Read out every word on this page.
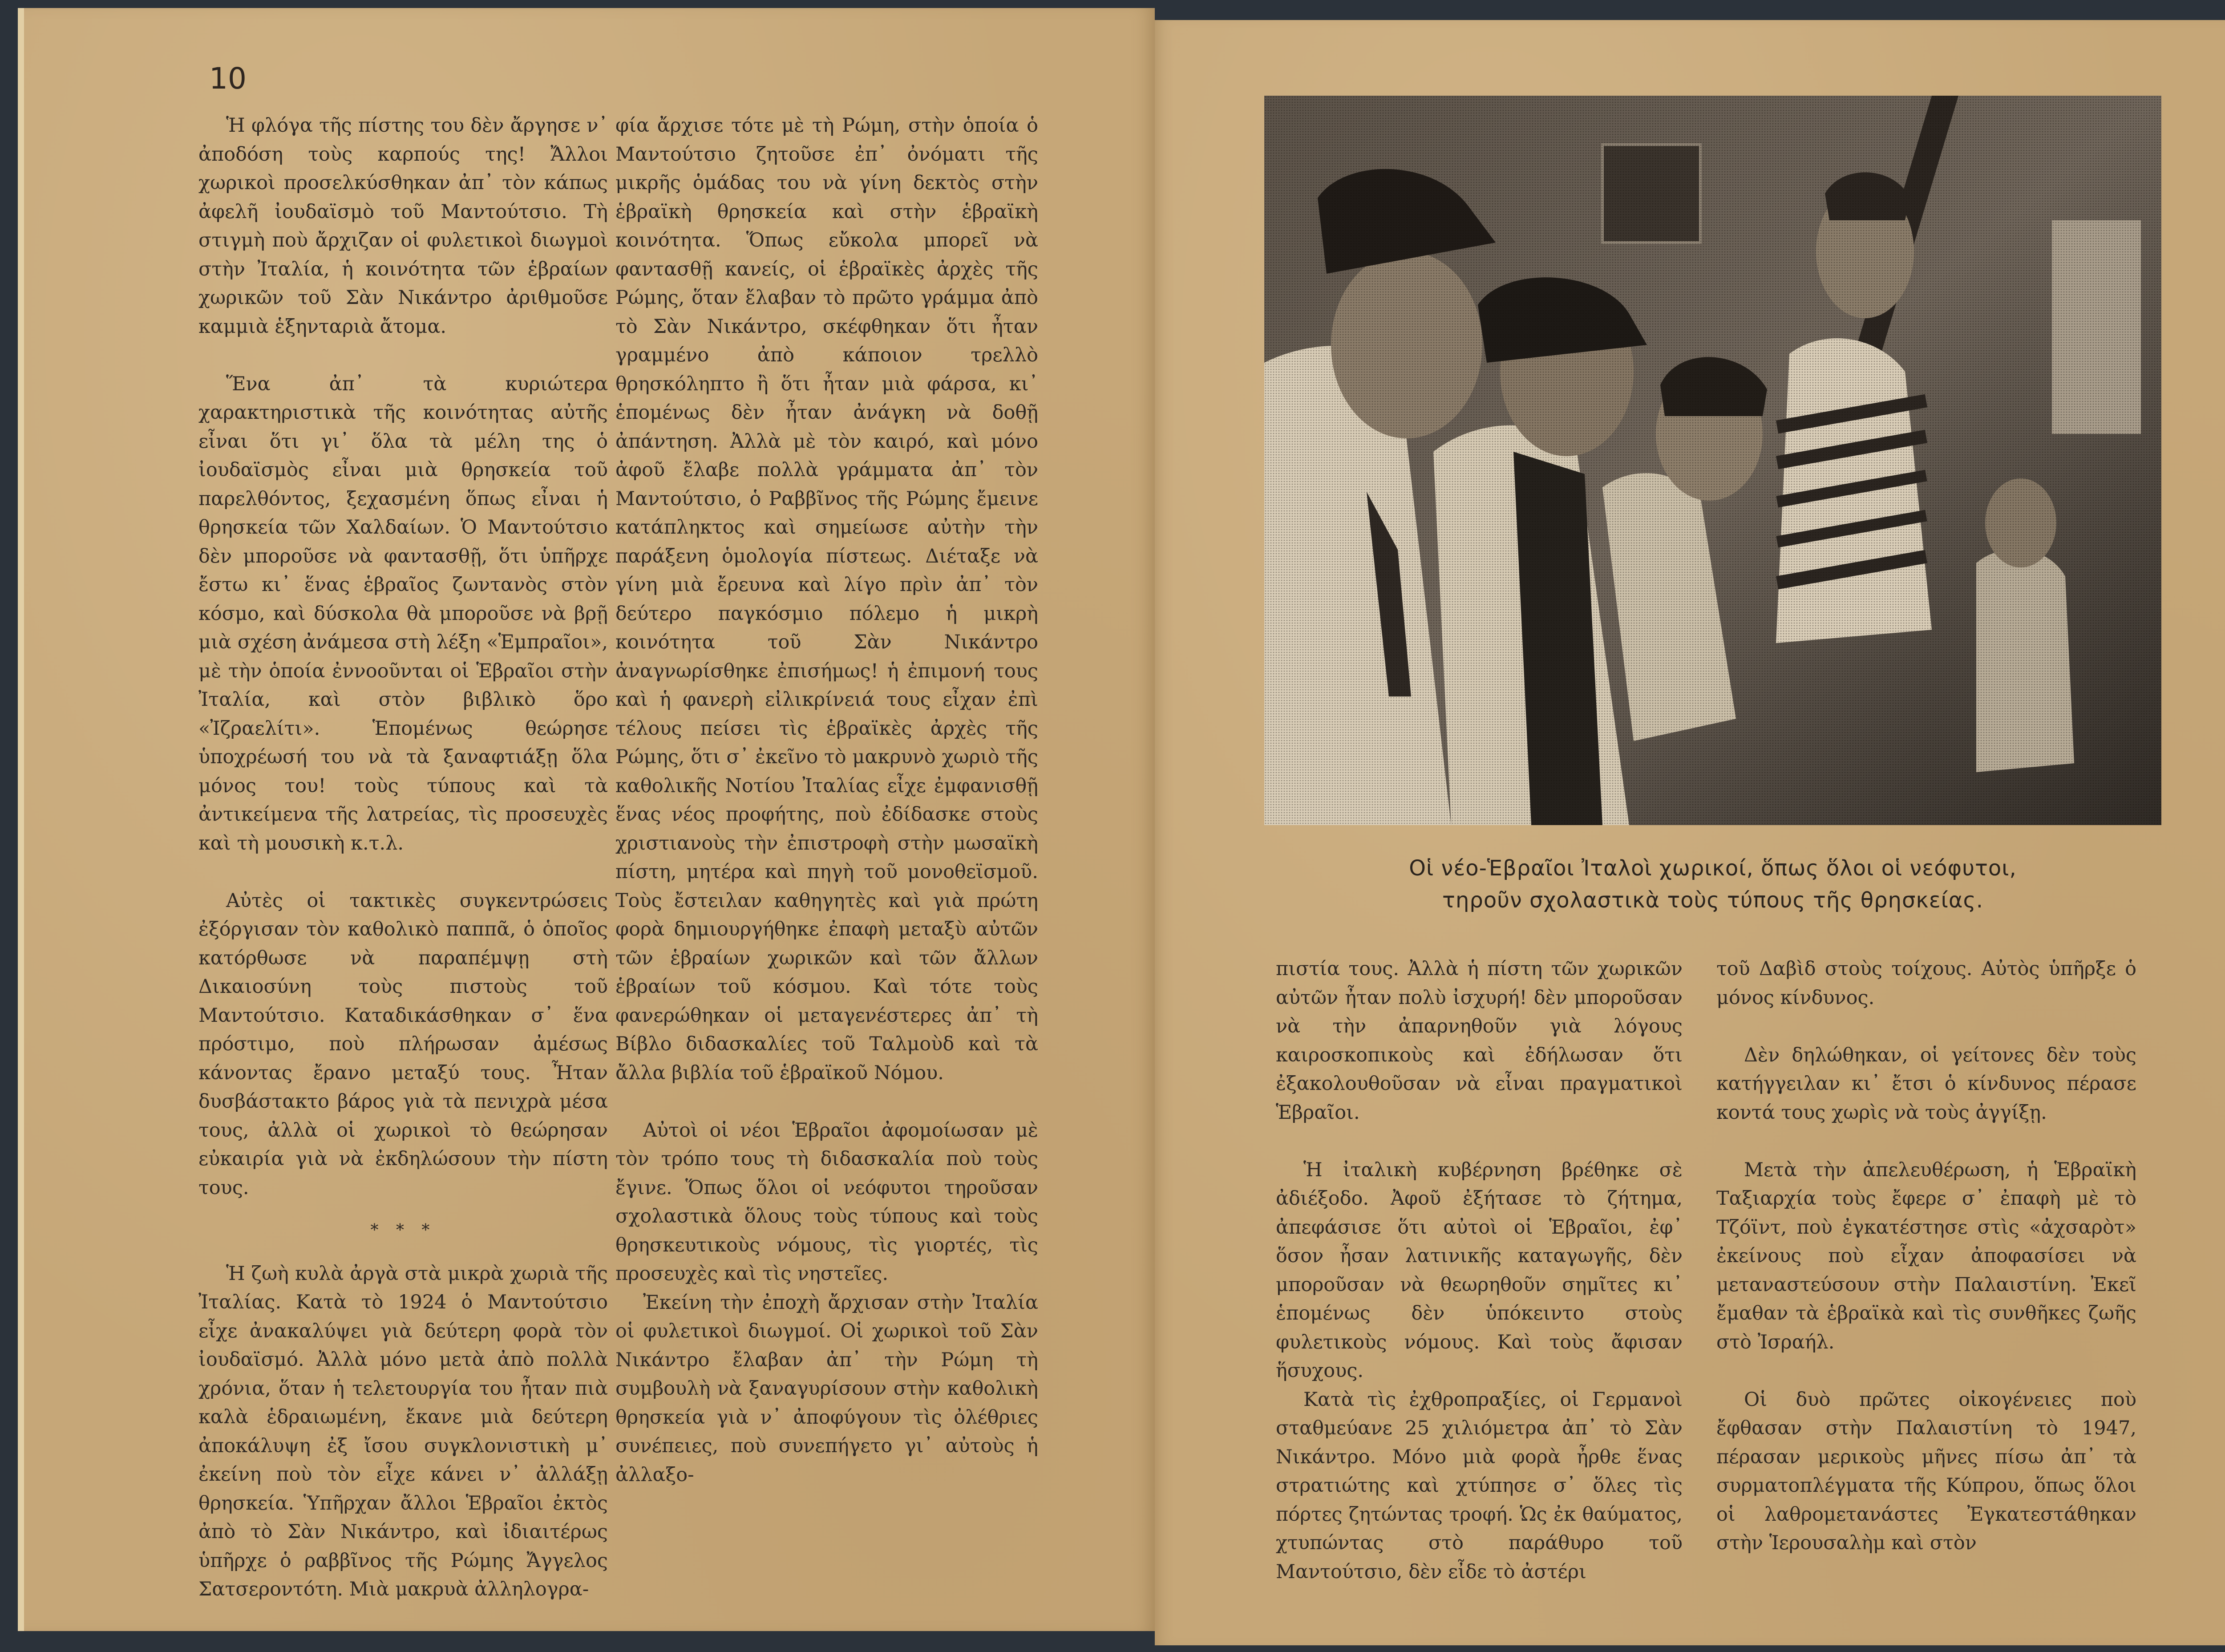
10

Ἡ φλόγα τῆς πίστης του δὲν ἄργησε ν᾽ ἀποδόση τοὺς καρπούς της! Ἄλλοι χωρικοὶ προσελκύσθηκαν ἀπ᾽ τὸν κάπως ἀφελῆ ἰουδαϊσμὸ τοῦ Μαντούτσιο. Τὴ στιγμὴ ποὺ ἄρχιζαν οἱ φυλετικοὶ διωγμοὶ στὴν Ἰταλία, ἡ κοινότητα τῶν ἑβραίων χωρικῶν τοῦ Σὰν Νικάντρο ἀριθμοῦσε καμμιὰ ἑξηνταριὰ ἄτομα.

Ἕνα ἀπ᾽ τὰ κυριώτερα χαρακτηριστικὰ τῆς κοινότητας αὐτῆς εἶναι ὅτι γι᾽ ὅλα τὰ μέλη της ὁ ἰουδαϊσμὸς εἶναι μιὰ θρησκεία τοῦ παρελθόντος, ξεχασμένη ὅπως εἶναι ἡ θρησκεία τῶν Χαλδαίων. Ὁ Μαντούτσιο δὲν μποροῦσε νὰ φαντασθῇ, ὅτι ὑπῆρχε ἔστω κι᾽ ἕνας ἑβραῖος ζωντανὸς στὸν κόσμο, καὶ δύσκολα θὰ μποροῦσε νὰ βρῇ μιὰ σχέση ἀνάμεσα στὴ λέξη «Ἑμπραῖοι», μὲ τὴν ὁποία ἐννοοῦνται οἱ Ἑβραῖοι στὴν Ἰταλία, καὶ στὸν βιβλικὸ ὅρο «Ἰζραελίτι». Ἑπομένως θεώρησε ὑποχρέωσή του νὰ τὰ ξαναφτιάξῃ ὅλα μόνος του! τοὺς τύπους καὶ τὰ ἀντικείμενα τῆς λατρείας, τὶς προσευχὲς καὶ τὴ μουσικὴ κ.τ.λ.

Αὐτὲς οἱ τακτικὲς συγκεντρώσεις ἐξόργισαν τὸν καθολικὸ παππᾶ, ὁ ὁποῖος κατόρθωσε νὰ παραπέμψῃ στὴ Δικαιοσύνη τοὺς πιστοὺς τοῦ Μαντούτσιο. Καταδικάσθηκαν σ᾽ ἕνα πρόστιμο, ποὺ πλήρωσαν ἀμέσως κάνοντας ἔρανο μεταξύ τους. Ἦταν δυσβάστακτο βάρος γιὰ τὰ πενιχρὰ μέσα τους, ἀλλὰ οἱ χωρικοὶ τὸ θεώρησαν εὐκαιρία γιὰ νὰ ἐκδηλώσουν τὴν πίστη τους.

* * *

Ἡ ζωὴ κυλὰ ἀργὰ στὰ μικρὰ χωριὰ τῆς Ἰταλίας. Κατὰ τὸ 1924 ὁ Μαντούτσιο εἶχε ἀνακαλύψει γιὰ δεύτερη φορὰ τὸν ἰουδαϊσμό. Ἀλλὰ μόνο μετὰ ἀπὸ πολλὰ χρόνια, ὅταν ἡ τελετουργία του ἦταν πιὰ καλὰ ἑδραιωμένη, ἔκανε μιὰ δεύτερη ἀποκάλυψη ἐξ ἴσου συγκλονιστικὴ μ᾽ ἐκείνη ποὺ τὸν εἶχε κάνει ν᾽ ἀλλάξῃ θρησκεία. Ὑπῆρχαν ἄλλοι Ἑβραῖοι ἐκτὸς ἀπὸ τὸ Σὰν Νικάντρο, καὶ ἰδιαιτέρως ὑπῆρχε ὁ ραββῖνος τῆς Ρώμης Ἄγγελος Σατσεροντότη. Μιὰ μακρυὰ ἀλληλογρα-

φία ἄρχισε τότε μὲ τὴ Ρώμη, στὴν ὁποία ὁ Μαντούτσιο ζητοῦσε ἐπ᾽ ὀνόματι τῆς μικρῆς ὁμάδας του νὰ γίνη δεκτὸς στὴν ἑβραϊκὴ θρησκεία καὶ στὴν ἑβραϊκὴ κοινότητα. Ὅπως εὔκολα μπορεῖ νὰ φαντασθῇ κανείς, οἱ ἑβραϊκὲς ἀρχὲς τῆς Ρώμης, ὅταν ἔλαβαν τὸ πρῶτο γράμμα ἀπὸ τὸ Σὰν Νικάντρο, σκέφθηκαν ὅτι ἦταν γραμμένο ἀπὸ κάποιον τρελλὸ θρησκόληπτο ἢ ὅτι ἦταν μιὰ φάρσα, κι᾽ ἑπομένως δὲν ἦταν ἀνάγκη νὰ δοθῇ ἀπάντηση. Ἀλλὰ μὲ τὸν καιρό, καὶ μόνο ἀφοῦ ἔλαβε πολλὰ γράμματα ἀπ᾽ τὸν Μαντούτσιο, ὁ Ραββῖνος τῆς Ρώμης ἔμεινε κατάπληκτος καὶ σημείωσε αὐτὴν τὴν παράξενη ὁμολογία πίστεως. Διέταξε νὰ γίνη μιὰ ἔρευνα καὶ λίγο πρὶν ἀπ᾽ τὸν δεύτερο παγκόσμιο πόλεμο ἡ μικρὴ κοινότητα τοῦ Σὰν Νικάντρο ἀναγνωρίσθηκε ἐπισήμως! ἡ ἐπιμονή τους καὶ ἡ φανερὴ εἰλικρίνειά τους εἶχαν ἐπὶ τέλους πείσει τὶς ἑβραϊκὲς ἀρχὲς τῆς Ρώμης, ὅτι σ᾽ ἐκεῖνο τὸ μακρυνὸ χωριὸ τῆς καθολικῆς Νοτίου Ἰταλίας εἶχε ἐμφανισθῇ ἕνας νέος προφήτης, ποὺ ἐδίδασκε στοὺς χριστιανοὺς τὴν ἐπιστροφὴ στὴν μωσαϊκὴ πίστη, μητέρα καὶ πηγὴ τοῦ μονοθεϊσμοῦ. Τοὺς ἔστειλαν καθηγητὲς καὶ γιὰ πρώτη φορὰ δημιουργήθηκε ἐπαφὴ μεταξὺ αὐτῶν τῶν ἑβραίων χωρικῶν καὶ τῶν ἄλλων ἑβραίων τοῦ κόσμου. Καὶ τότε τοὺς φανερώθηκαν οἱ μεταγενέστερες ἀπ᾽ τὴ Βίβλο διδασκαλίες τοῦ Ταλμοὺδ καὶ τὰ ἄλλα βιβλία τοῦ ἑβραϊκοῦ Νόμου.

Αὐτοὶ οἱ νέοι Ἑβραῖοι ἀφομοίωσαν μὲ τὸν τρόπο τους τὴ διδασκαλία ποὺ τοὺς ἔγινε. Ὅπως ὅλοι οἱ νεόφυτοι τηροῦσαν σχολαστικὰ ὅλους τοὺς τύπους καὶ τοὺς θρησκευτικοὺς νόμους, τὶς γιορτές, τὶς προσευχὲς καὶ τὶς νηστεῖες.

Ἐκείνη τὴν ἐποχὴ ἄρχισαν στὴν Ἰταλία οἱ φυλετικοὶ διωγμοί. Οἱ χωρικοὶ τοῦ Σὰν Νικάντρο ἔλαβαν ἀπ᾽ τὴν Ρώμη τὴ συμβουλὴ νὰ ξαναγυρίσουν στὴν καθολικὴ θρησκεία γιὰ ν᾽ ἀποφύγουν τὶς ὀλέθριες συνέπειες, ποὺ συνεπήγετο γι᾽ αὐτοὺς ἡ ἀλλαξο-

Οἱ νέο-Ἑβραῖοι Ἰταλοὶ χωρικοί, ὅπως ὅλοι οἱ νεόφυτοι,
τηροῦν σχολαστικὰ τοὺς τύπους τῆς θρησκείας.

πιστία τους. Ἀλλὰ ἡ πίστη τῶν χωρικῶν αὐτῶν ἦταν πολὺ ἰσχυρή! δὲν μποροῦσαν νὰ τὴν ἀπαρνηθοῦν γιὰ λόγους καιροσκοπικοὺς καὶ ἐδήλωσαν ὅτι ἐξακολουθοῦσαν νὰ εἶναι πραγματικοὶ Ἑβραῖοι.

Ἡ ἰταλικὴ κυβέρνηση βρέθηκε σὲ ἀδιέξοδο. Ἀφοῦ ἐξήτασε τὸ ζήτημα, ἀπεφάσισε ὅτι αὐτοὶ οἱ Ἑβραῖοι, ἐφ᾽ ὅσον ἦσαν λατινικῆς καταγωγῆς, δὲν μποροῦσαν νὰ θεωρηθοῦν σημῖτες κι᾽ ἑπομένως δὲν ὑπόκειντο στοὺς φυλετικοὺς νόμους. Καὶ τοὺς ἄφισαν ἥσυχους.

Κατὰ τὶς ἐχθροπραξίες, οἱ Γερμανοὶ σταθμεύανε 25 χιλιόμετρα ἀπ᾽ τὸ Σὰν Νικάντρο. Μόνο μιὰ φορὰ ἦρθε ἕνας στρατιώτης καὶ χτύπησε σ᾽ ὅλες τὶς πόρτες ζητώντας τροφή. Ὡς ἐκ θαύματος, χτυπώντας στὸ παράθυρο τοῦ Μαντούτσιο, δὲν εἶδε τὸ ἀστέρι

τοῦ Δαβὶδ στοὺς τοίχους. Αὐτὸς ὑπῆρξε ὁ μόνος κίνδυνος.

Δὲν δηλώθηκαν, οἱ γείτονες δὲν τοὺς κατήγγειλαν κι᾽ ἔτσι ὁ κίνδυνος πέρασε κοντά τους χωρὶς νὰ τοὺς ἀγγίξῃ.

Μετὰ τὴν ἀπελευθέρωση, ἡ Ἑβραϊκὴ Ταξιαρχία τοὺς ἔφερε σ᾽ ἐπαφὴ μὲ τὸ Τζόϊντ, ποὺ ἐγκατέστησε στὶς «ἀχσαρὸτ» ἐκείνους ποὺ εἶχαν ἀποφασίσει νὰ μεταναστεύσουν στὴν Παλαιστίνη. Ἐκεῖ ἔμαθαν τὰ ἑβραϊκὰ καὶ τὶς συνθῆκες ζωῆς στὸ Ἰσραήλ.

Οἱ δυὸ πρῶτες οἰκογένειες ποὺ ἔφθασαν στὴν Παλαιστίνη τὸ 1947, πέρασαν μερικοὺς μῆνες πίσω ἀπ᾽ τὰ συρματοπλέγματα τῆς Κύπρου, ὅπως ὅλοι οἱ λαθρομετανάστες Ἐγκατεστάθηκαν στὴν Ἱερουσαλὴμ καὶ στὸν
